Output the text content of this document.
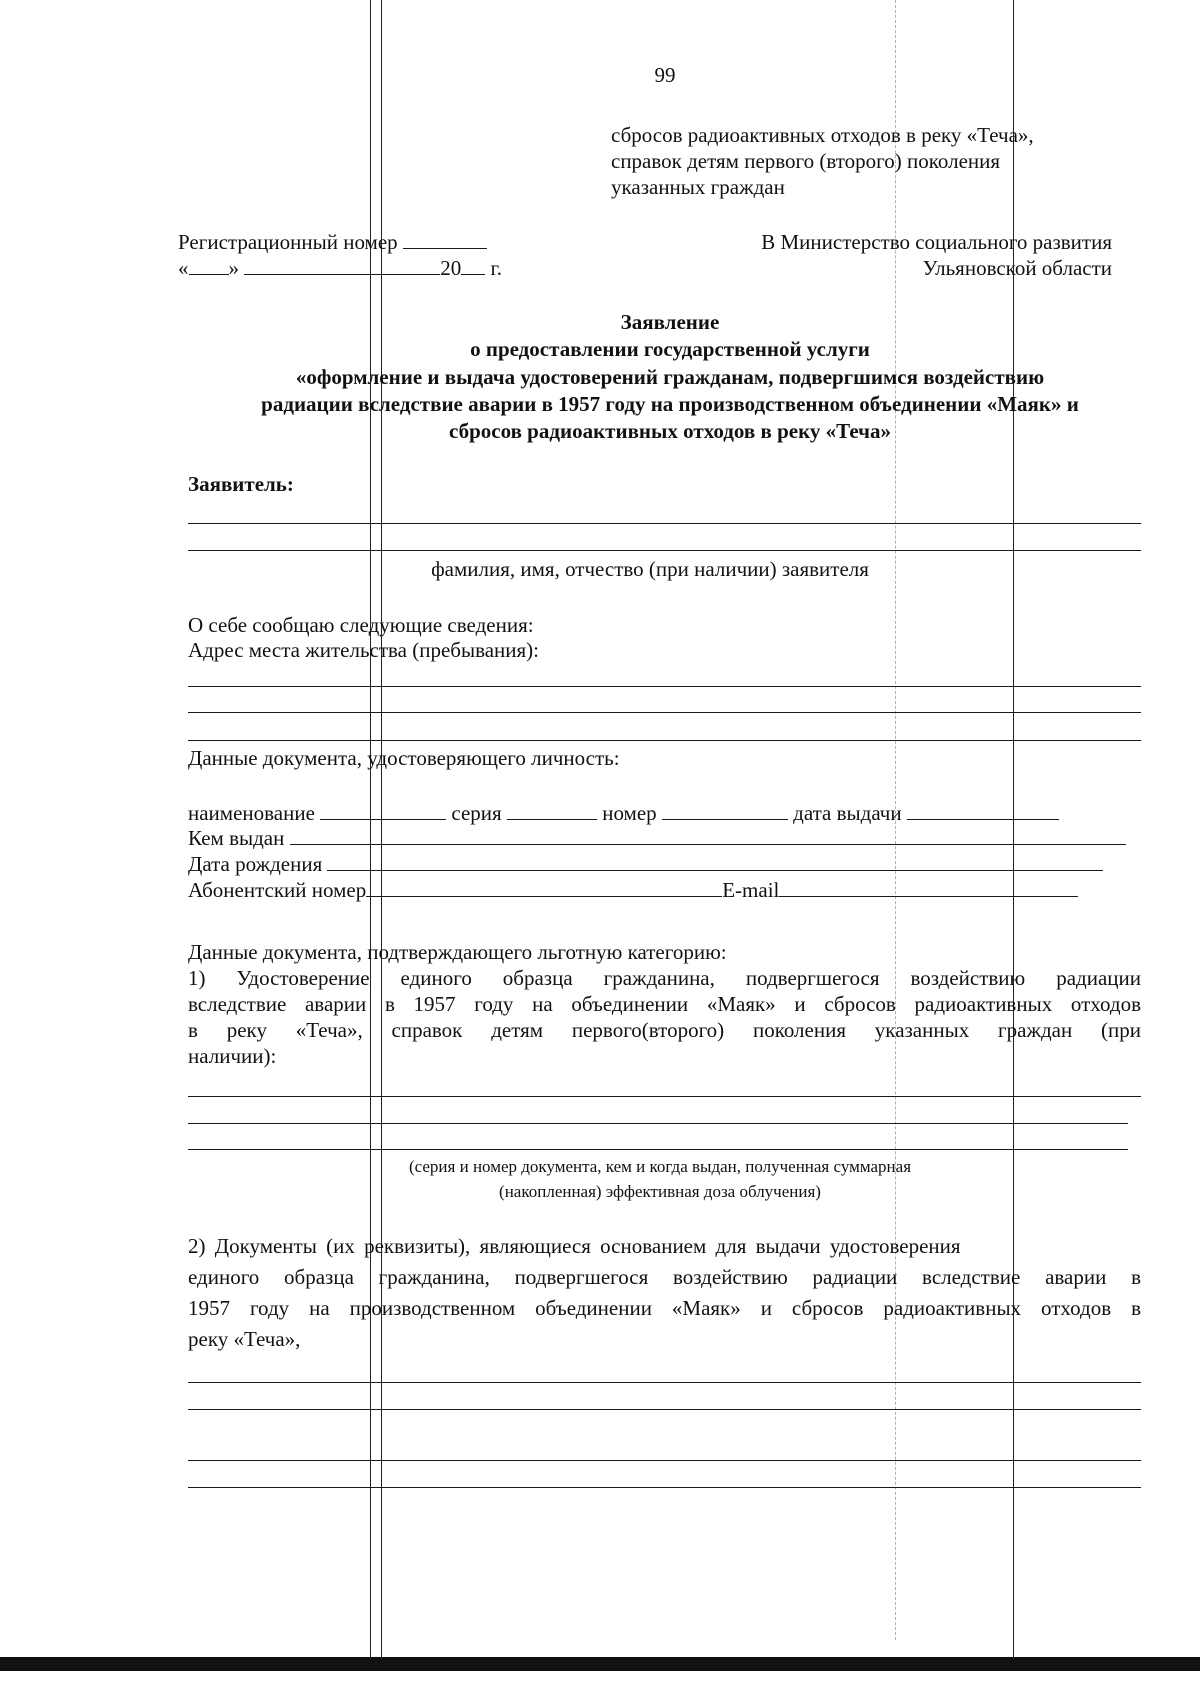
99
сбросов радиоактивных отходов в реку «Теча»,
справок детям первого (второго) поколения
указанных граждан
Регистрационный номер
« »	20 г.
В Министерство социального развития
Ульяновской области
Заявление
о предоставлении государственной услуги
«оформление и выдача удостоверений гражданам, подвергшимся воздействию
радиации вследствие аварии в 1957 году на производственном объединении «Маяк» и
сбросов радиоактивных отходов в реку «Теча»
Заявитель:
фамилия, имя, отчество (при наличии) заявителя
О себе сообщаю следующие сведения:
Адрес места жительства (пребывания):
Данные документа, удостоверяющего личность:
наименование	серия	номер	дата выдачи
Кем выдан
Дата рождения
Абонентский номер	E-mail
Данные документа, подтверждающего льготную категорию:
1) Удостоверение единого образца гражданина, подвергшегося воздействию радиации
вследствие аварии в 1957 году на объединении «Маяк» и сбросов радиоактивных отходов
в реку «Теча», справок детям первого(второго) поколения указанных граждан (при
наличии):
(серия и номер документа, кем и когда выдан, полученная суммарная
(накопленная) эффективная доза облучения)
2) Документы (их реквизиты), являющиеся основанием для выдачи удостоверения
единого образца гражданина, подвергшегося воздействию радиации вследствие аварии в
1957 году на производственном объединении «Маяк» и сбросов радиоактивных отходов в
реку «Теча»,
